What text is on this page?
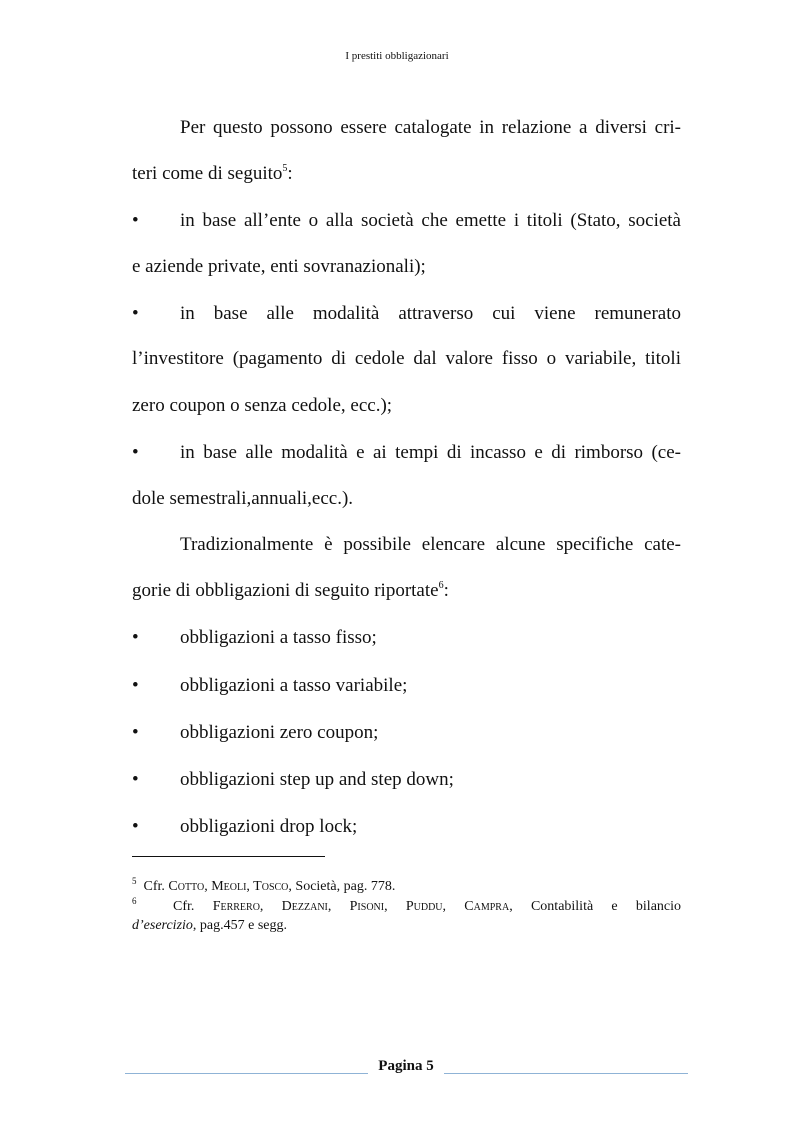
I prestiti obbligazionari
Per questo possono essere catalogate in relazione a diversi cri-
teri come di seguito$^5$:
• in base all’ente o alla società che emette i titoli (Stato, società
e aziende private, enti sovranazionali);
• in base alle modalità attraverso cui viene remunerato
l’investitore (pagamento di cedole dal valore fisso o variabile, titoli
zero coupon o senza cedole, ecc.);
• in base alle modalità e ai tempi di incasso e di rimborso (ce-
dole semestrali,annuali,ecc.).
Tradizionalmente è possibile elencare alcune specifiche cate-
gorie di obbligazioni di seguito riportate$^6$:
• obbligazioni a tasso fisso;
• obbligazioni a tasso variabile;
• obbligazioni zero coupon;
• obbligazioni step up and step down;
• obbligazioni drop lock;
$^5$ Cfr. Cotto, Meoli, Tosco, Società, pag. 778.
$^6$	Cfr. Ferrero, Dezzani, Pisoni, Puddu, Campra, Contabilità e bilancio
d’esercizio, pag.457 e segg.
Pagina 5
